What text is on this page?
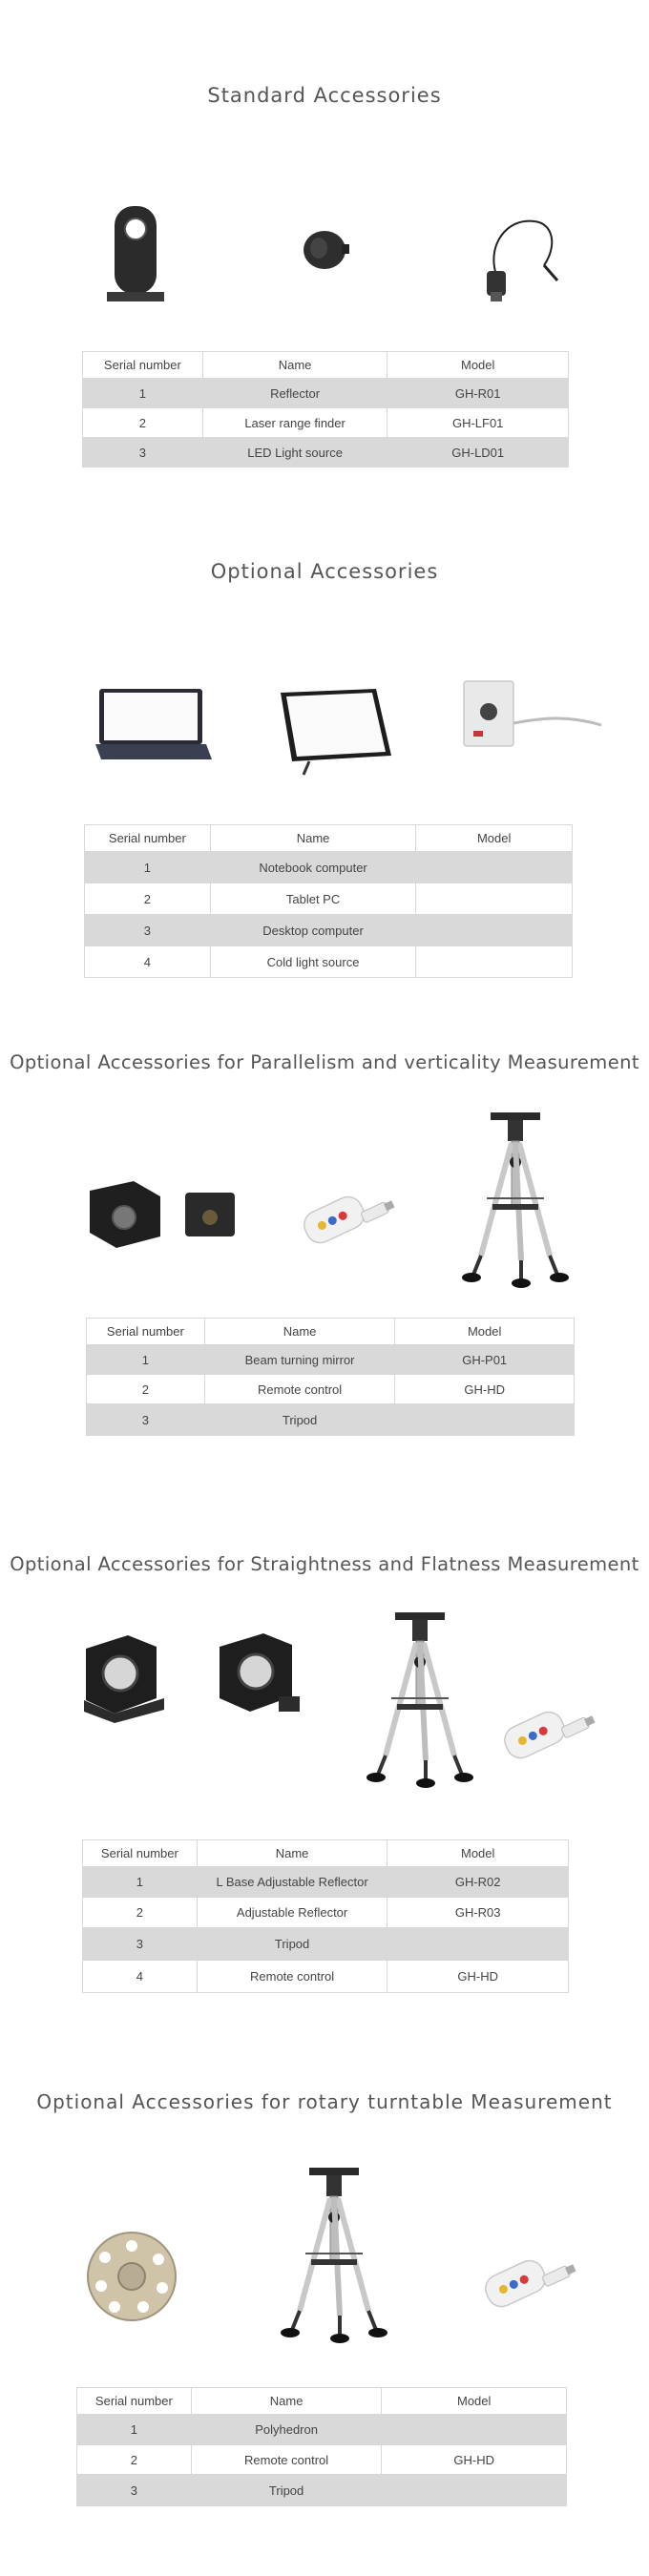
Standard Accessories
Serial number	Name	Model
1	Reflector	GH-R01
2	Laser range finder	GH-LF01
3	LED Light source	GH-LD01
Optional Accessories
Serial number	Name	Model
1	Notebook computer	
2	Tablet PC	
3	Desktop computer	
4	Cold light source	
Optional Accessories for Parallelism and verticality Measurement
Serial number	Name	Model
1	Beam turning mirror	GH-P01
2	Remote control	GH-HD
3	Tripod	
Optional Accessories for Straightness and Flatness Measurement
Serial number	Name	Model
1	L Base Adjustable Reflector	GH-R02
2	Adjustable Reflector	GH-R03
3	Tripod	
4	Remote control	GH-HD
Optional Accessories for rotary turntable Measurement
Serial number	Name	Model
1	Polyhedron	
2	Remote control	GH-HD
3	Tripod	
